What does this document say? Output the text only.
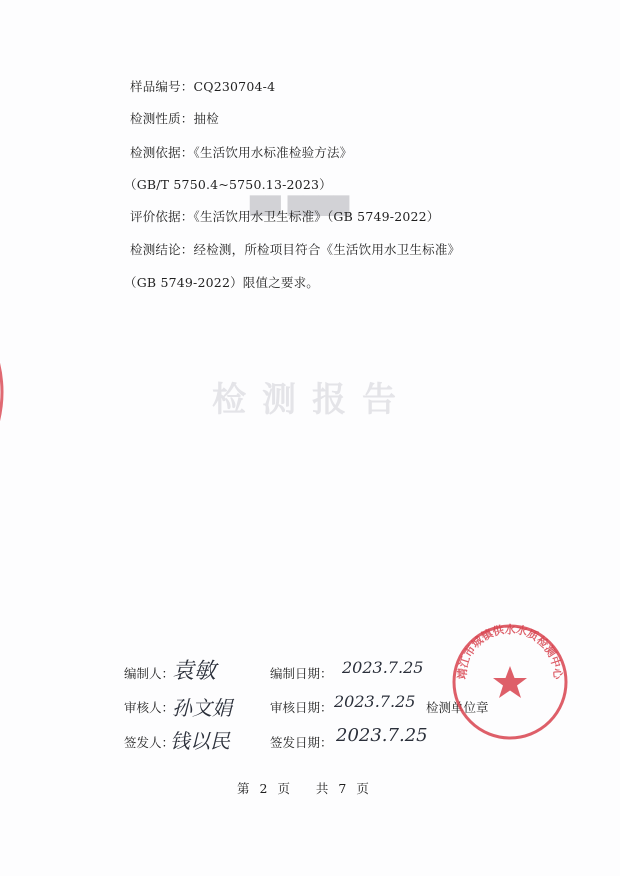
▇▇ ▇▇▇▇
检测报告
样品编号：CQ230704-4
检测性质：抽检
检测依据：《生活饮用水标准检验方法》
（GB/T 5750.4~5750.13-2023）
评价依据：《生活饮用水卫生标准》（GB 5749-2022）
检测结论：经检测，所检项目符合《生活饮用水卫生标准》
（GB 5749-2022）限值之要求。
编制人：
袁敏	编制日期： 2023.7.25
审核人：
孙文娟	审核日期： 2023.7.25 检测单位章
签发人：
钱以民	签发日期： 2023.7.25
靖江市城镇供水水质检测中心
第 2 页 共 7 页
